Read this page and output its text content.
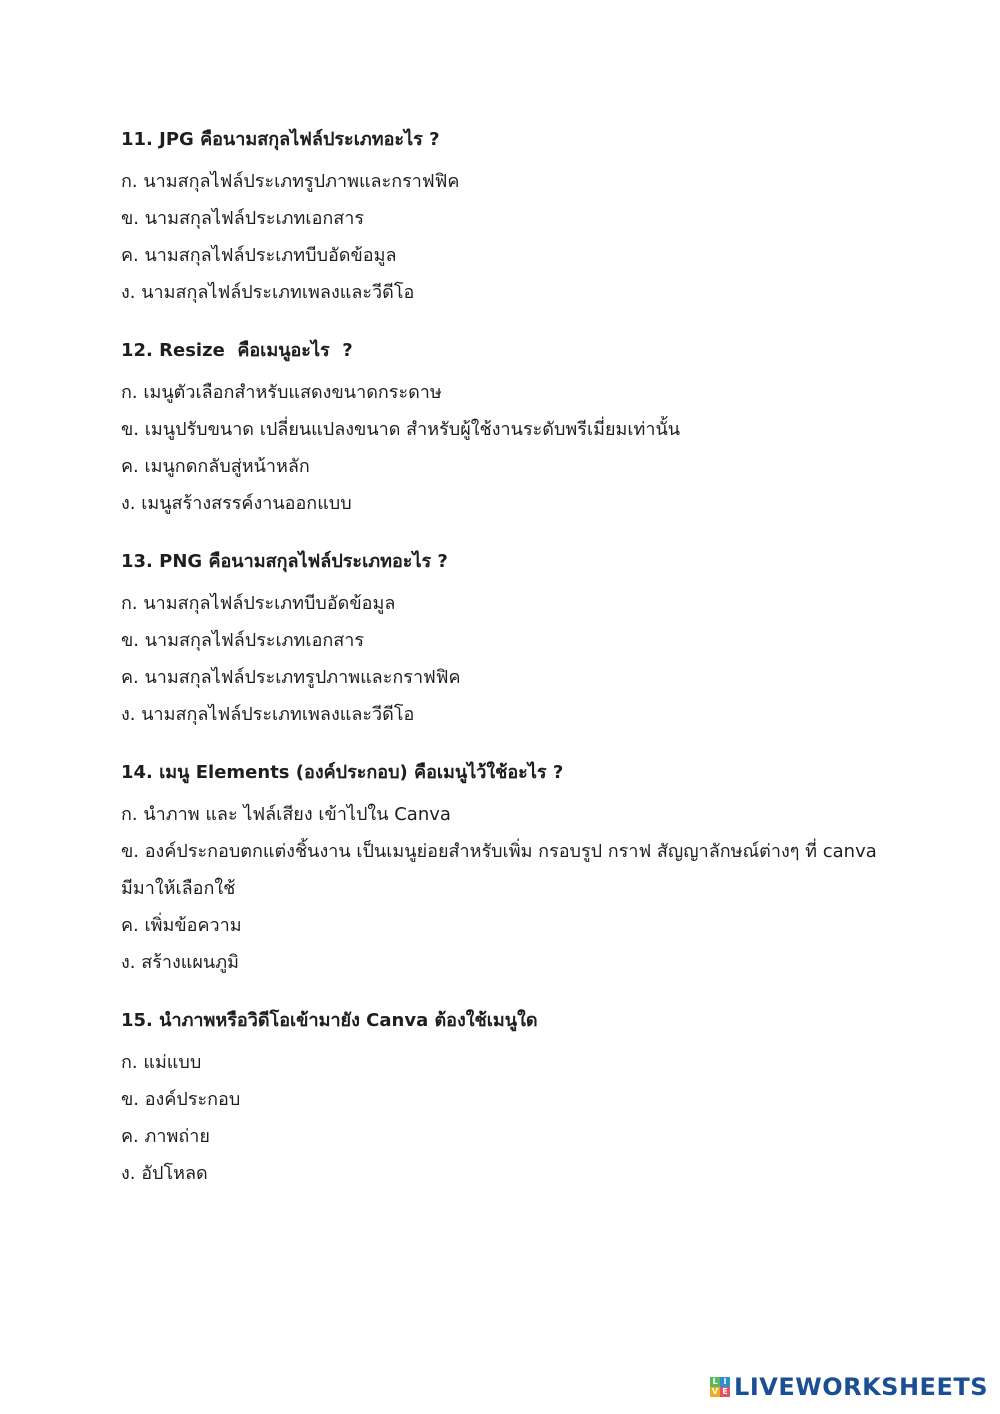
11. JPG คือนามสกุลไฟล์ประเภทอะไร ?
ก. นามสกุลไฟล์ประเภทรูปภาพและกราฟฟิค
ข. นามสกุลไฟล์ประเภทเอกสาร
ค. นามสกุลไฟล์ประเภทบีบอัดข้อมูล
ง. นามสกุลไฟล์ประเภทเพลงและวีดีโอ
12. Resize  คือเมนูอะไร  ?
ก. เมนูตัวเลือกสำหรับแสดงขนาดกระดาษ
ข. เมนูปรับขนาด เปลี่ยนแปลงขนาด สำหรับผู้ใช้งานระดับพรีเมี่ยมเท่านั้น
ค. เมนูกดกลับสู่หน้าหลัก
ง. เมนูสร้างสรรค์งานออกแบบ
13. PNG คือนามสกุลไฟล์ประเภทอะไร ?
ก. นามสกุลไฟล์ประเภทบีบอัดข้อมูล
ข. นามสกุลไฟล์ประเภทเอกสาร
ค. นามสกุลไฟล์ประเภทรูปภาพและกราฟฟิค
ง. นามสกุลไฟล์ประเภทเพลงและวีดีโอ
14. เมนู Elements (องค์ประกอบ) คือเมนูไว้ใช้อะไร ?
ก. นำภาพ และ ไฟล์เสียง เข้าไปใน Canva
ข. องค์ประกอบตกแต่งชิ้นงาน เป็นเมนูย่อยสำหรับเพิ่ม กรอบรูป กราฟ สัญญาลักษณ์ต่างๆ ที่ canva มีมาให้เลือกใช้
ค. เพิ่มข้อความ
ง. สร้างแผนภูมิ
15. นำภาพหรือวิดีโอเข้ามายัง Canva ต้องใช้เมนูใด
ก. แม่แบบ
ข. องค์ประกอบ
ค. ภาพถ่าย
ง. อัปโหลด
L I
V E LIVEWORKSHEETS
